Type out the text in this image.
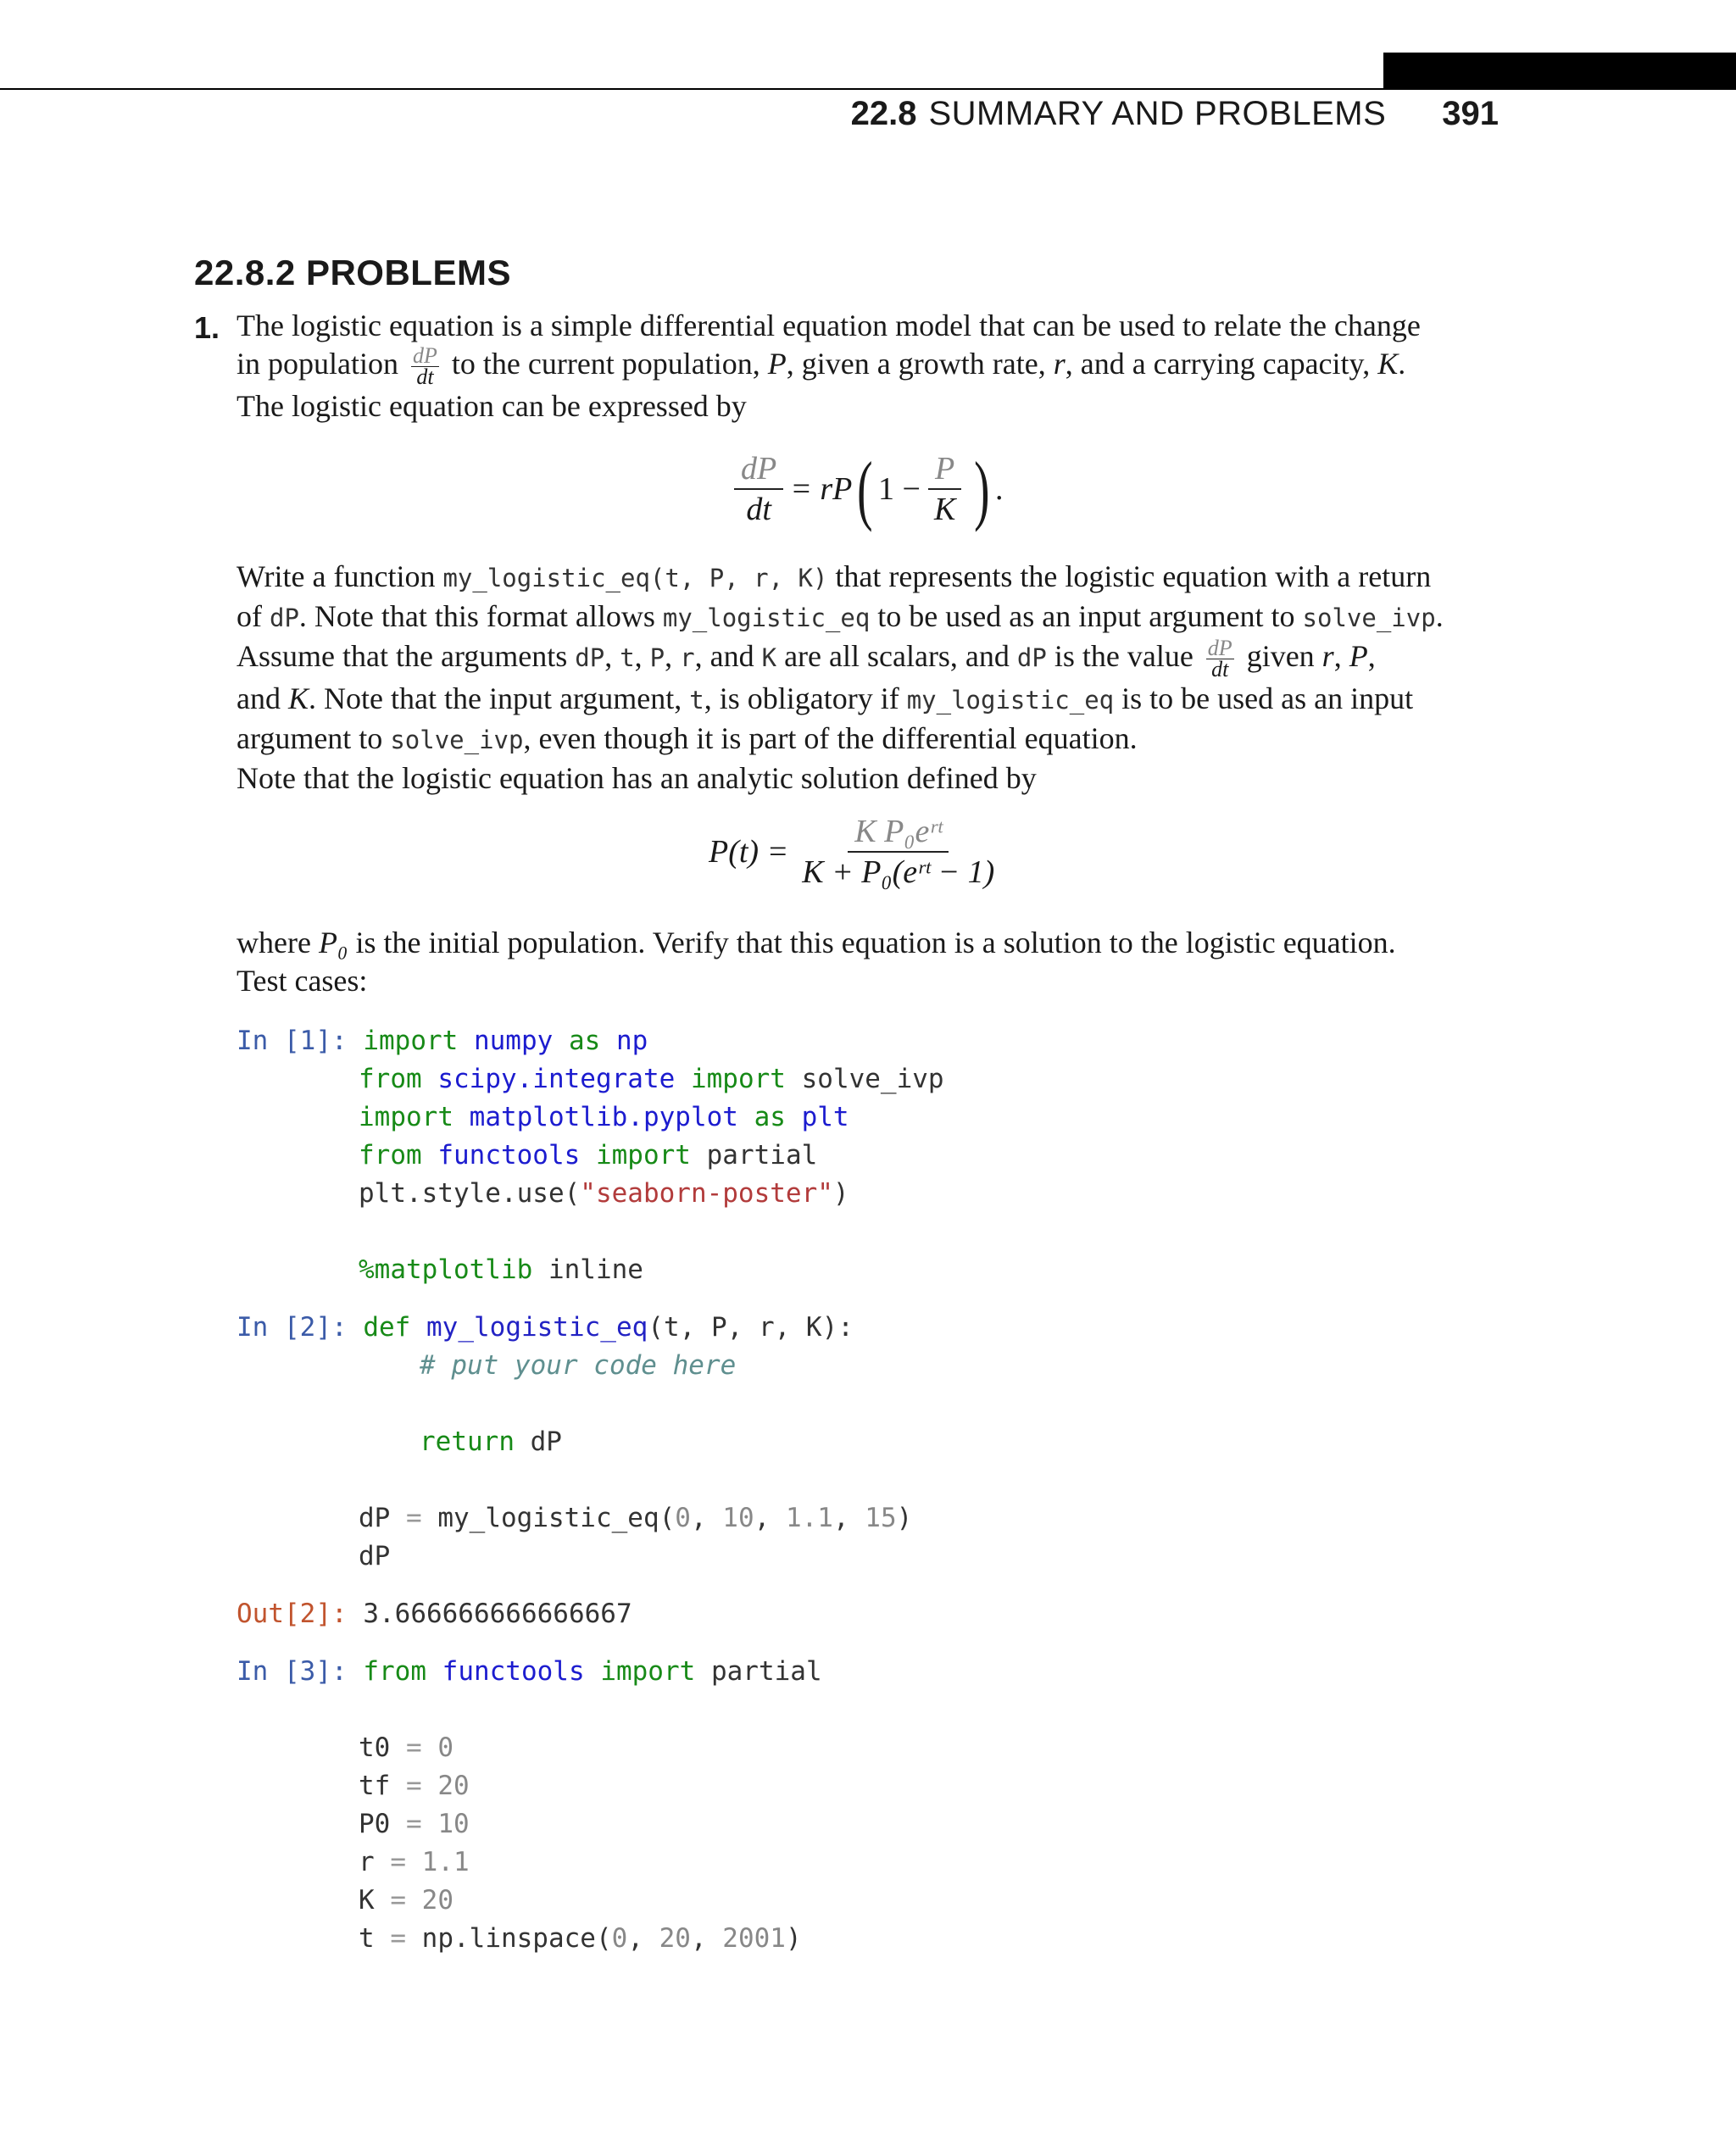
22.8 SUMMARY AND PROBLEMS 391
22.8.2 PROBLEMS
1. The logistic equation is a simple differential equation model that can be used to relate the change
in population $\frac{dP}{dt}$ to the current population, P, given a growth rate, r, and a carrying capacity, K.
The logistic equation can be expressed by
$\frac{dP}{dt}$ = rP ( $1 - \frac{P}{K}$ ) .
Write a function my_logistic_eq(t, P, r, K) that represents the logistic equation with a return
of dP. Note that this format allows my_logistic_eq to be used as an input argument to solve_ivp.
Assume that the arguments dP, t, P, r, and K are all scalars, and dP is the value $\frac{dP}{dt}$ given r, P,
and K. Note that the input argument, t, is obligatory if my_logistic_eq is to be used as an input
argument to solve_ivp, even though it is part of the differential equation.
Note that the logistic equation has an analytic solution defined by
$P(t) = \frac{\text{K P₀eʳᵗ}}{\text{K + P₀(eʳᵗ − 1)}}$
where P₀ is the initial population. Verify that this equation is a solution to the logistic equation.
Test cases:
In [1]: import numpy as np
from scipy.integrate import solve_ivp
import matplotlib.pyplot as plt
from functools import partial
plt.style.use("seaborn-poster")
%matplotlib inline
In [2]: def my_logistic_eq(t, P, r, K):
# put your code here
return dP
dP = my_logistic_eq(0, 10, 1.1, 15)
dP
Out[2]: 3.666666666666667
In [3]: from functools import partial
t0 = 0
tf = 20
P0 = 10
r = 1.1
K = 20
t = np.linspace(0, 20, 2001)
